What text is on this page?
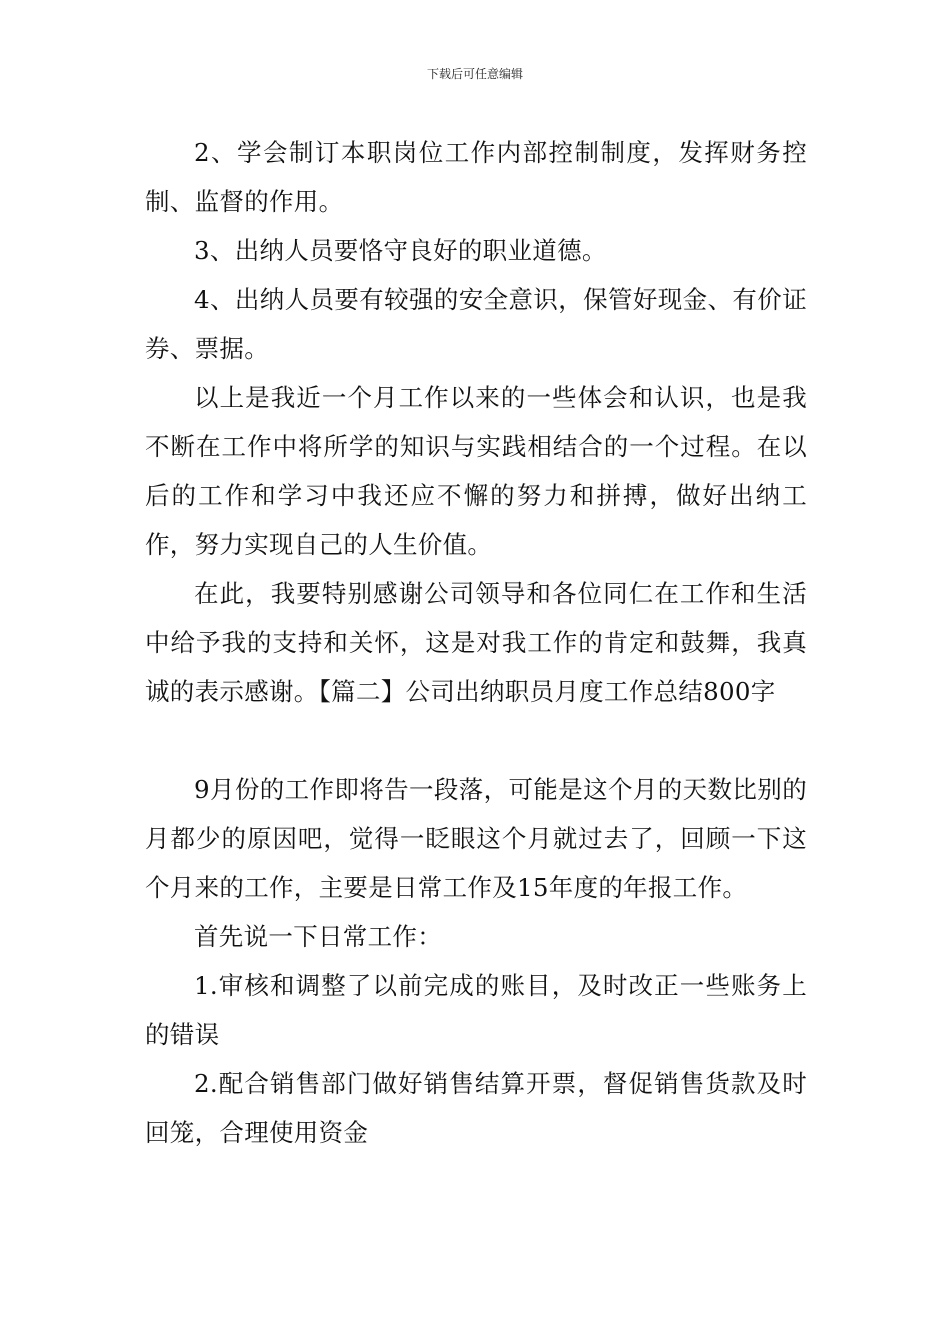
下载后可任意编辑

2、学会制订本职岗位工作内部控制制度，发挥财务控制、监督的作用。

3、出纳人员要恪守良好的职业道德。

4、出纳人员要有较强的安全意识，保管好现金、有价证券、票据。

以上是我近一个月工作以来的一些体会和认识，也是我不断在工作中将所学的知识与实践相结合的一个过程。在以后的工作和学习中我还应不懈的努力和拼搏，做好出纳工作，努力实现自己的人生价值。

在此，我要特别感谢公司领导和各位同仁在工作和生活中给予我的支持和关怀，这是对我工作的肯定和鼓舞，我真诚的表示感谢。【篇二】公司出纳职员月度工作总结800字

9月份的工作即将告一段落，可能是这个月的天数比别的月都少的原因吧，觉得一眨眼这个月就过去了，回顾一下这个月来的工作，主要是日常工作及15年度的年报工作。

首先说一下日常工作：

1.审核和调整了以前完成的账目，及时改正一些账务上的错误

2.配合销售部门做好销售结算开票，督促销售货款及时回笼，合理使用资金
